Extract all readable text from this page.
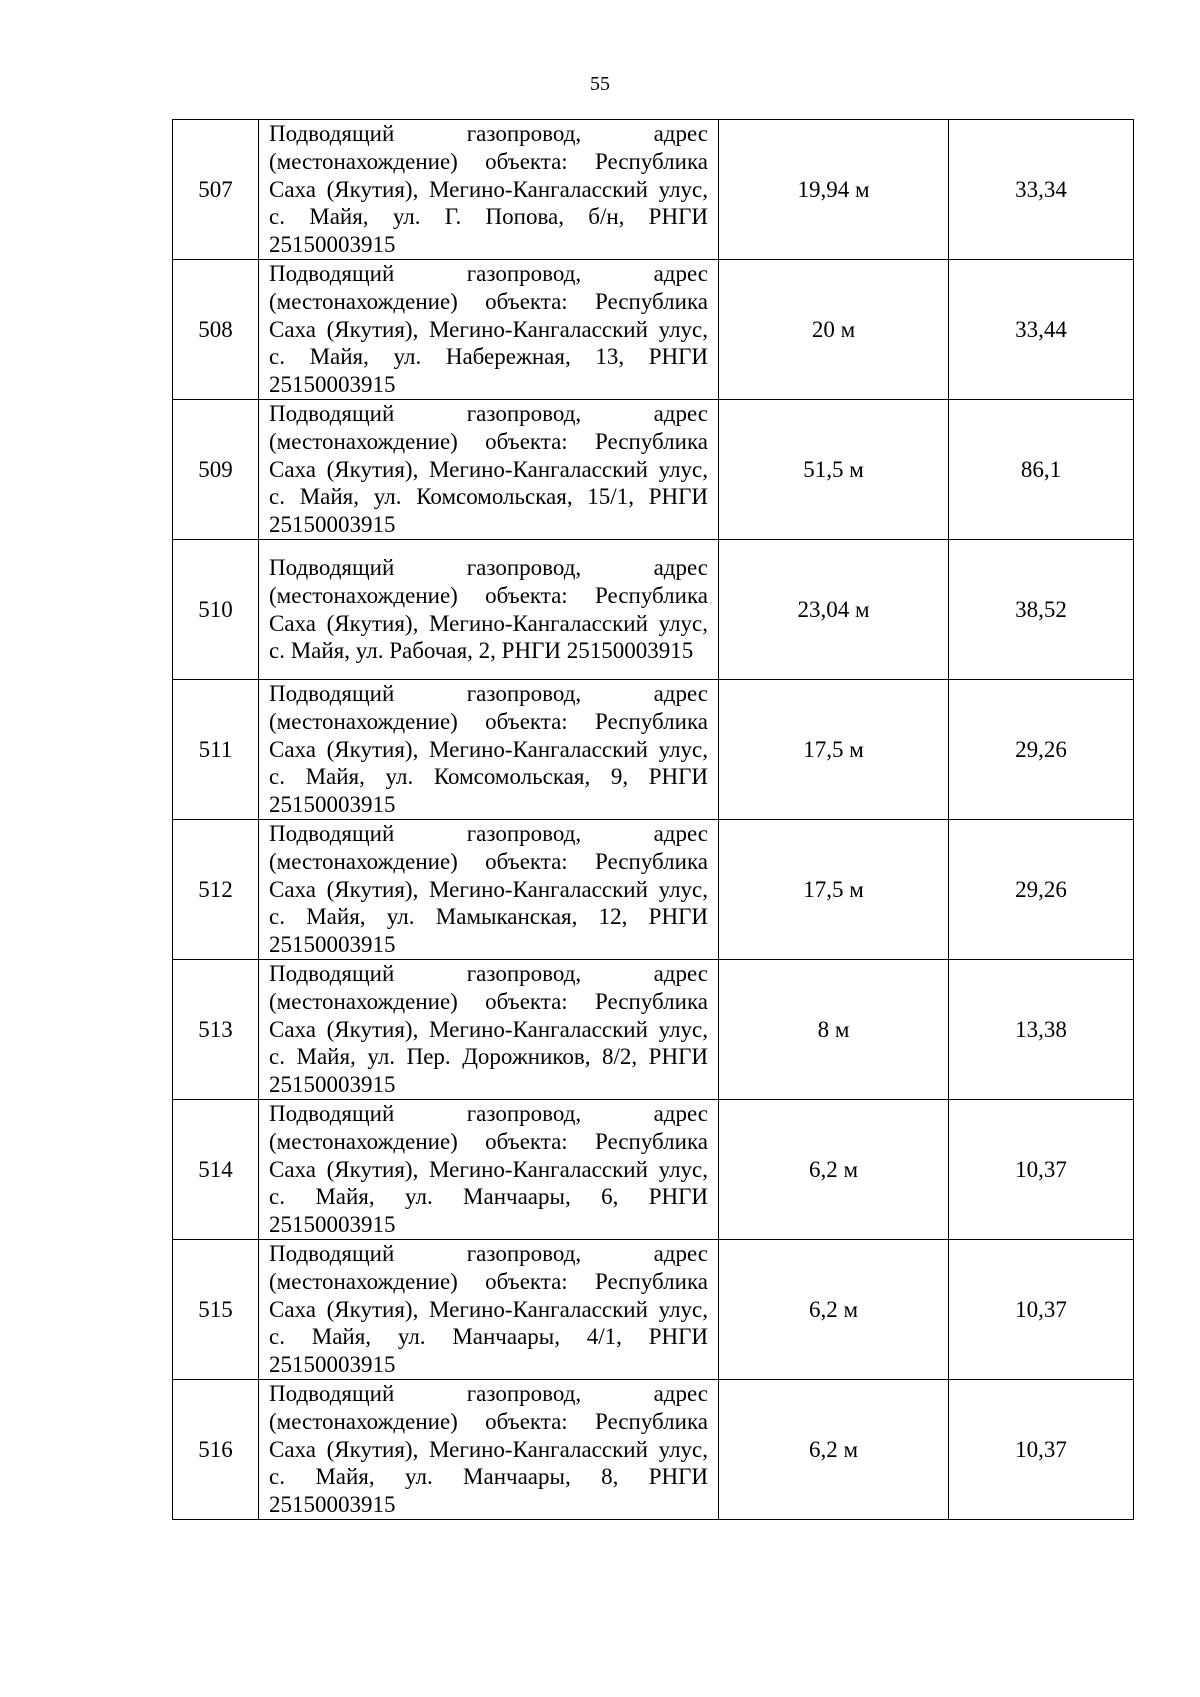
55
507	Подводящий газопровод, адрес (местонахождение) объекта: Республика Саха (Якутия), Мегино-Кангаласский улус, с. Майя, ул. Г. Попова, б/н, РНГИ 25150003915	19,94 м	33,34
508	Подводящий газопровод, адрес (местонахождение) объекта: Республика Саха (Якутия), Мегино-Кангаласский улус, с. Майя, ул. Набережная, 13, РНГИ 25150003915	20 м	33,44
509	Подводящий газопровод, адрес (местонахождение) объекта: Республика Саха (Якутия), Мегино-Кангаласский улус, с. Майя, ул. Комсомольская, 15/1, РНГИ 25150003915	51,5 м	86,1
510	Подводящий газопровод, адрес (местонахождение) объекта: Республика Саха (Якутия), Мегино-Кангаласский улус, с. Майя, ул. Рабочая, 2, РНГИ 25150003915	23,04 м	38,52
511	Подводящий газопровод, адрес (местонахождение) объекта: Республика Саха (Якутия), Мегино-Кангаласский улус, с. Майя, ул. Комсомольская, 9, РНГИ 25150003915	17,5 м	29,26
512	Подводящий газопровод, адрес (местонахождение) объекта: Республика Саха (Якутия), Мегино-Кангаласский улус, с. Майя, ул. Мамыканская, 12, РНГИ 25150003915	17,5 м	29,26
513	Подводящий газопровод, адрес (местонахождение) объекта: Республика Саха (Якутия), Мегино-Кангаласский улус, с. Майя, ул. Пер. Дорожников, 8/2, РНГИ 25150003915	8 м	13,38
514	Подводящий газопровод, адрес (местонахождение) объекта: Республика Саха (Якутия), Мегино-Кангаласский улус, с. Майя, ул. Манчаары, 6, РНГИ 25150003915	6,2 м	10,37
515	Подводящий газопровод, адрес (местонахождение) объекта: Республика Саха (Якутия), Мегино-Кангаласский улус, с. Майя, ул. Манчаары, 4/1, РНГИ 25150003915	6,2 м	10,37
516	Подводящий газопровод, адрес (местонахождение) объекта: Республика Саха (Якутия), Мегино-Кангаласский улус, с. Майя, ул. Манчаары, 8, РНГИ 25150003915	6,2 м	10,37
